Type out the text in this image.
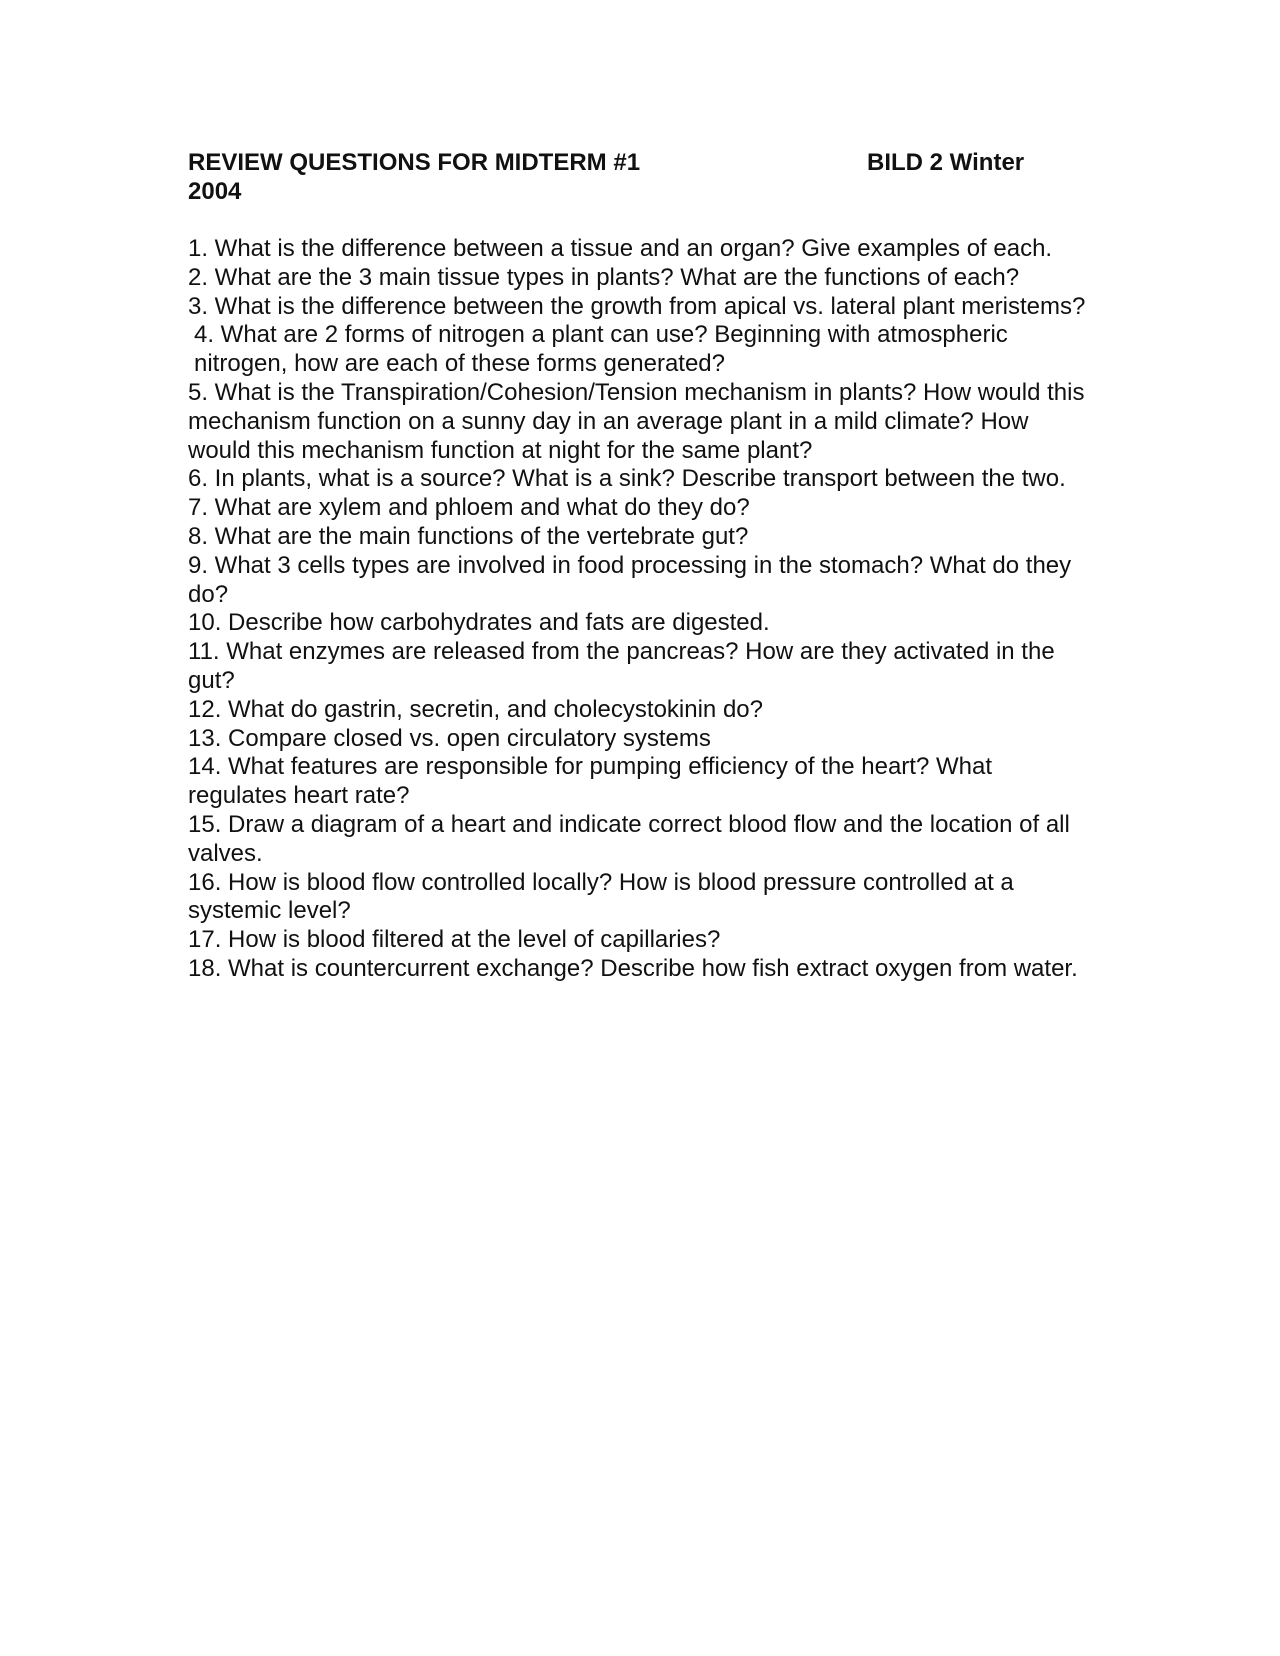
REVIEW QUESTIONS FOR MIDTERM #1	BILD 2 Winter
2004
1. What is the difference between a tissue and an organ? Give examples of each.
2. What are the 3 main tissue types in plants? What are the functions of each?
3. What is the difference between the growth from apical vs. lateral plant meristems?
4. What are 2 forms of nitrogen a plant can use? Beginning with atmospheric nitrogen, how are each of these forms generated?
5. What is the Transpiration/Cohesion/Tension mechanism in plants? How would this mechanism function on a sunny day in an average plant in a mild climate? How would this mechanism function at night for the same plant?
6. In plants, what is a source? What is a sink? Describe transport between the two.
7. What are xylem and phloem and what do they do?
8. What are the main functions of the vertebrate gut?
9. What 3 cells types are involved in food processing in the stomach? What do they do?
10. Describe how carbohydrates and fats are digested.
11. What enzymes are released from the pancreas? How are they activated in the gut?
12. What do gastrin, secretin, and cholecystokinin do?
13. Compare closed vs. open circulatory systems
14. What features are responsible for pumping efficiency of the heart? What regulates heart rate?
15. Draw a diagram of a heart and indicate correct blood flow and the location of all valves.
16. How is blood flow controlled locally? How is blood pressure controlled at a systemic level?
17. How is blood filtered at the level of capillaries?
18. What is countercurrent exchange? Describe how fish extract oxygen from water.
